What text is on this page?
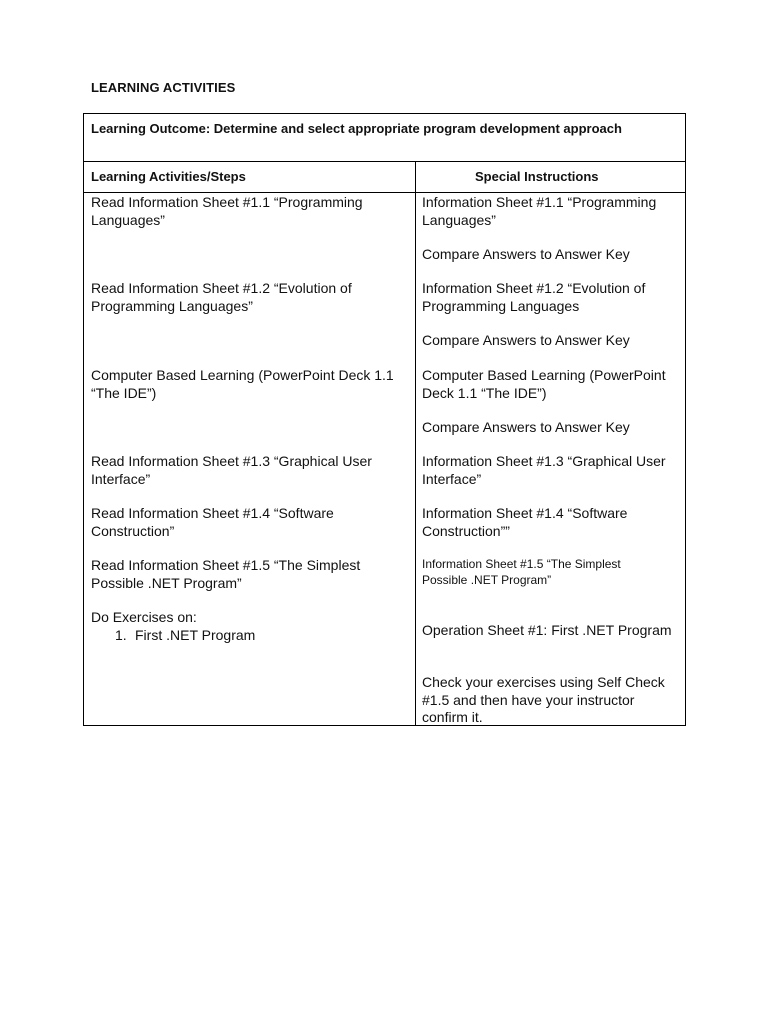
LEARNING ACTIVITIES
Learning Outcome: Determine and select appropriate program development approach
Learning Activities/Steps	Special Instructions
Read Information Sheet #1.1 “Programming Languages”
Read Information Sheet #1.2 “Evolution of Programming Languages”
Computer Based Learning (PowerPoint Deck 1.1 “The IDE”)
Read Information Sheet #1.3 “Graphical User Interface”
Read Information Sheet #1.4 “Software Construction”
Read Information Sheet #1.5 “The Simplest Possible .NET Program”
Do Exercises on:
1. First .NET Program
Information Sheet #1.1 “Programming Languages”
Compare Answers to Answer Key
Information Sheet #1.2 “Evolution of Programming Languages
Compare Answers to Answer Key
Computer Based Learning (PowerPoint Deck 1.1 “The IDE”)
Compare Answers to Answer Key
Information Sheet #1.3 “Graphical User Interface”
Information Sheet #1.4 “Software Construction””
Information Sheet #1.5 “The Simplest Possible .NET Program”
Operation Sheet #1: First .NET Program
Check your exercises using Self Check #1.5 and then have your instructor confirm it.
